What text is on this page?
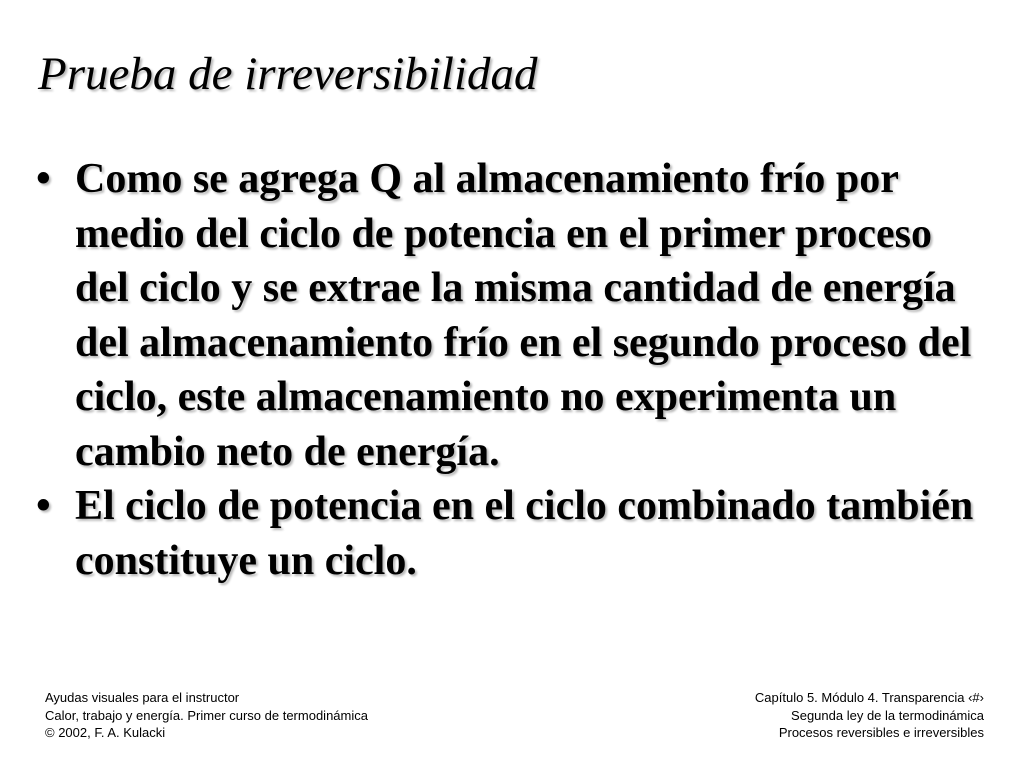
Prueba de irreversibilidad
• Como se agrega Q al almacenamiento frío por medio del ciclo de potencia en el primer proceso del ciclo y se extrae la misma cantidad de energía del almacenamiento frío en el segundo proceso del ciclo, este almacenamiento no experimenta un cambio neto de energía.
• El ciclo de potencia en el ciclo combinado también constituye un ciclo.
Ayudas visuales para el instructor
Calor, trabajo y energía. Primer curso de termodinámica
© 2002, F. A. Kulacki
Capítulo 5. Módulo 4. Transparencia ‹#›
Segunda ley de la termodinámica
Procesos reversibles e irreversibles
